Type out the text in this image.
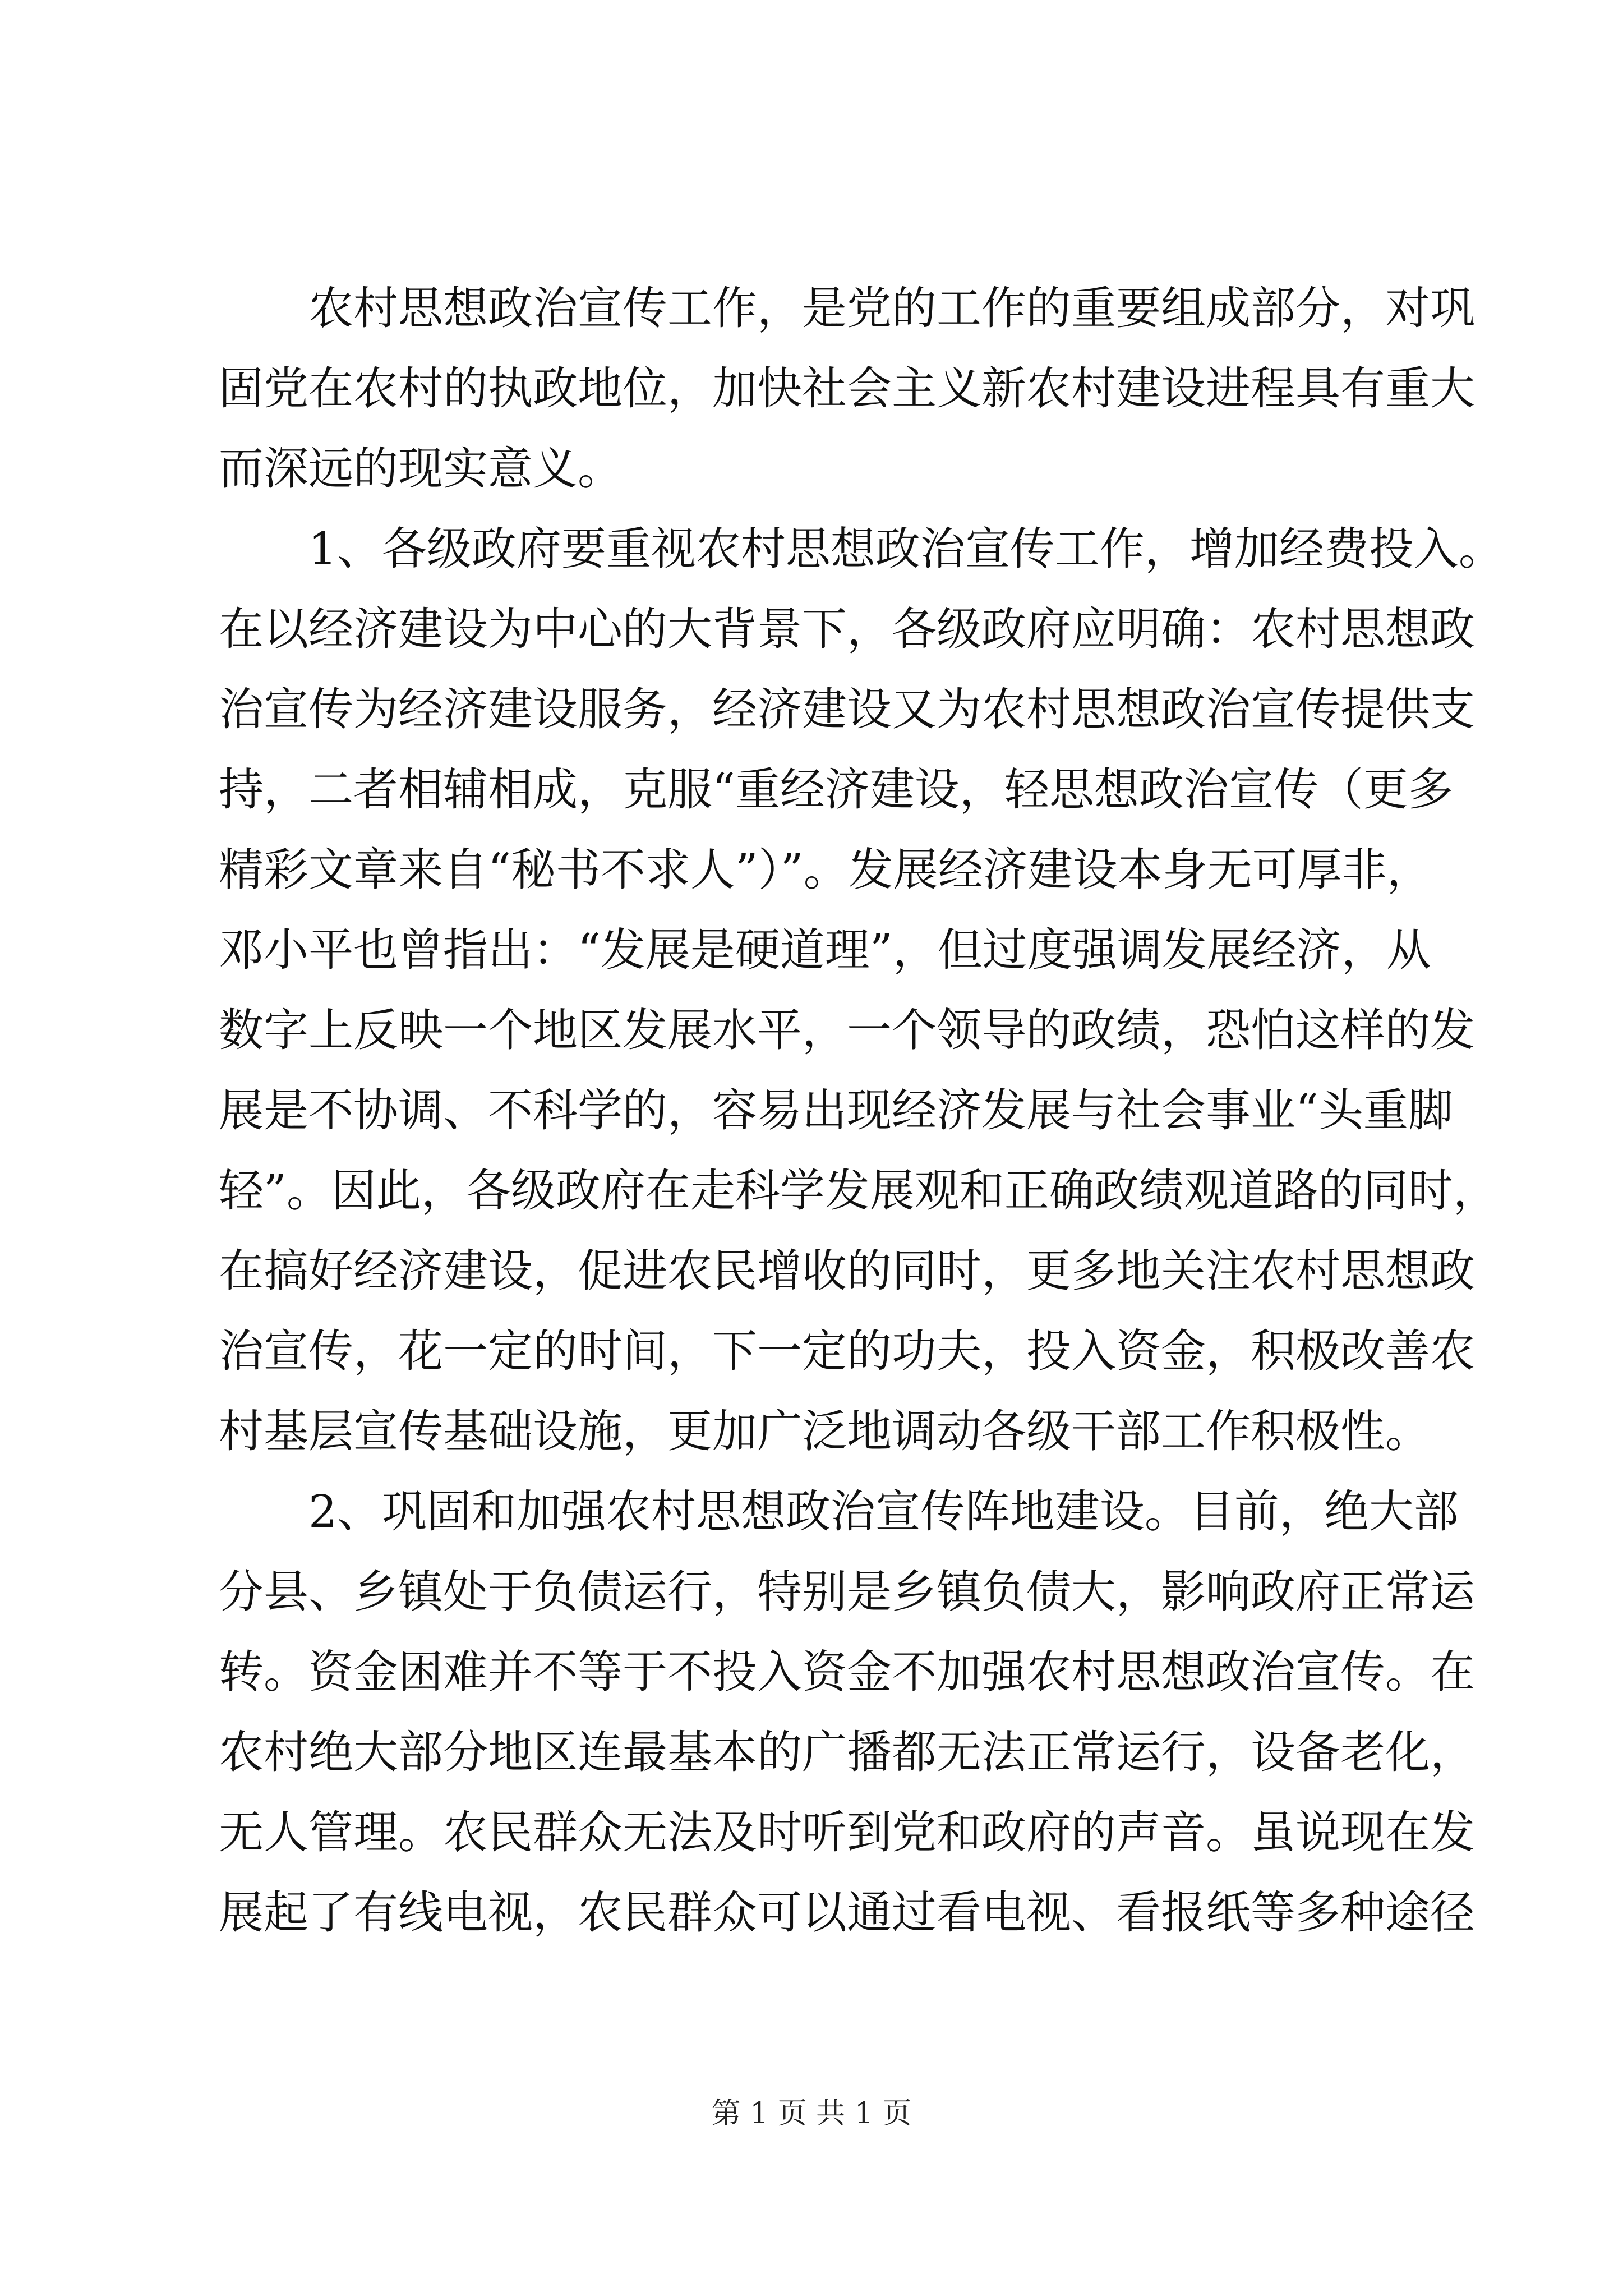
农村思想政治宣传工作，是党的工作的重要组成部分，对巩
固党在农村的执政地位，加快社会主义新农村建设进程具有重大
而深远的现实意义。
1、各级政府要重视农村思想政治宣传工作，增加经费投入。
在以经济建设为中心的大背景下，各级政府应明确：农村思想政
治宣传为经济建设服务，经济建设又为农村思想政治宣传提供支
持，二者相辅相成，克服“重经济建设，轻思想政治宣传（更多
精彩文章来自“秘书不求人”）”。发展经济建设本身无可厚非，
邓小平也曾指出：“发展是硬道理”，但过度强调发展经济，从
数字上反映一个地区发展水平，一个领导的政绩，恐怕这样的发
展是不协调、不科学的，容易出现经济发展与社会事业“头重脚
轻”。因此，各级政府在走科学发展观和正确政绩观道路的同时，
在搞好经济建设，促进农民增收的同时，更多地关注农村思想政
治宣传，花一定的时间，下一定的功夫，投入资金，积极改善农
村基层宣传基础设施，更加广泛地调动各级干部工作积极性。
2、巩固和加强农村思想政治宣传阵地建设。目前，绝大部
分县、乡镇处于负债运行，特别是乡镇负债大，影响政府正常运
转。资金困难并不等于不投入资金不加强农村思想政治宣传。在
农村绝大部分地区连最基本的广播都无法正常运行，设备老化，
无人管理。农民群众无法及时听到党和政府的声音。虽说现在发
展起了有线电视，农民群众可以通过看电视、看报纸等多种途径
第 1 页 共 1 页
